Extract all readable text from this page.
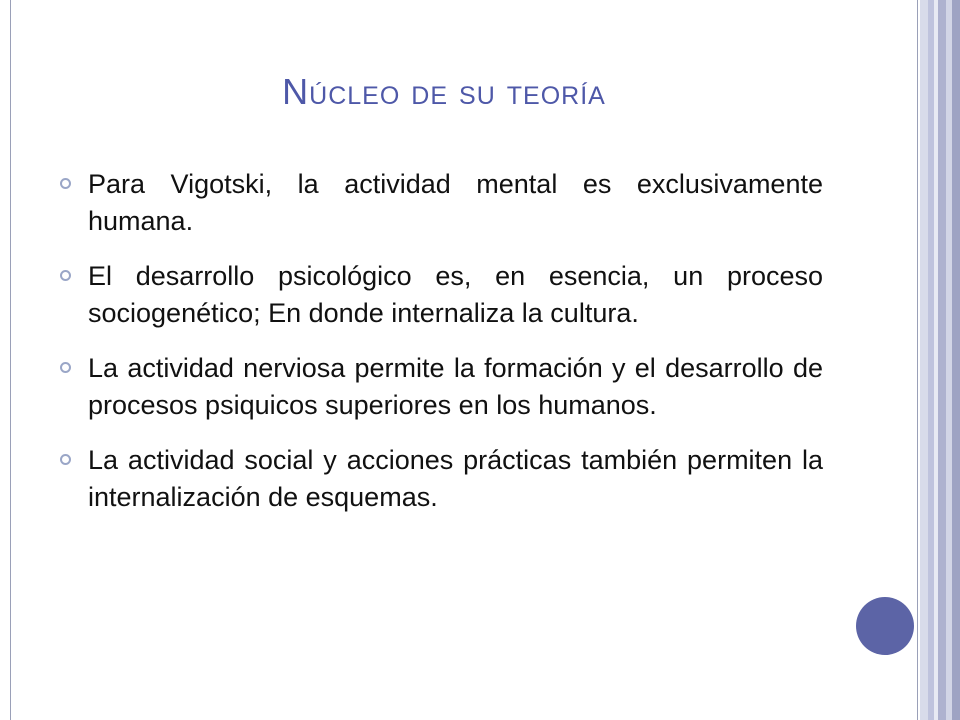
Núcleo de su teoría
Para Vigotski, la actividad mental es exclusivamente humana.
El desarrollo psicológico es, en esencia, un proceso sociogenético; En donde internaliza la cultura.
La actividad nerviosa permite la formación y el desarrollo de procesos psiquicos superiores en los humanos.
La actividad social y acciones prácticas también permiten la internalización de esquemas.
